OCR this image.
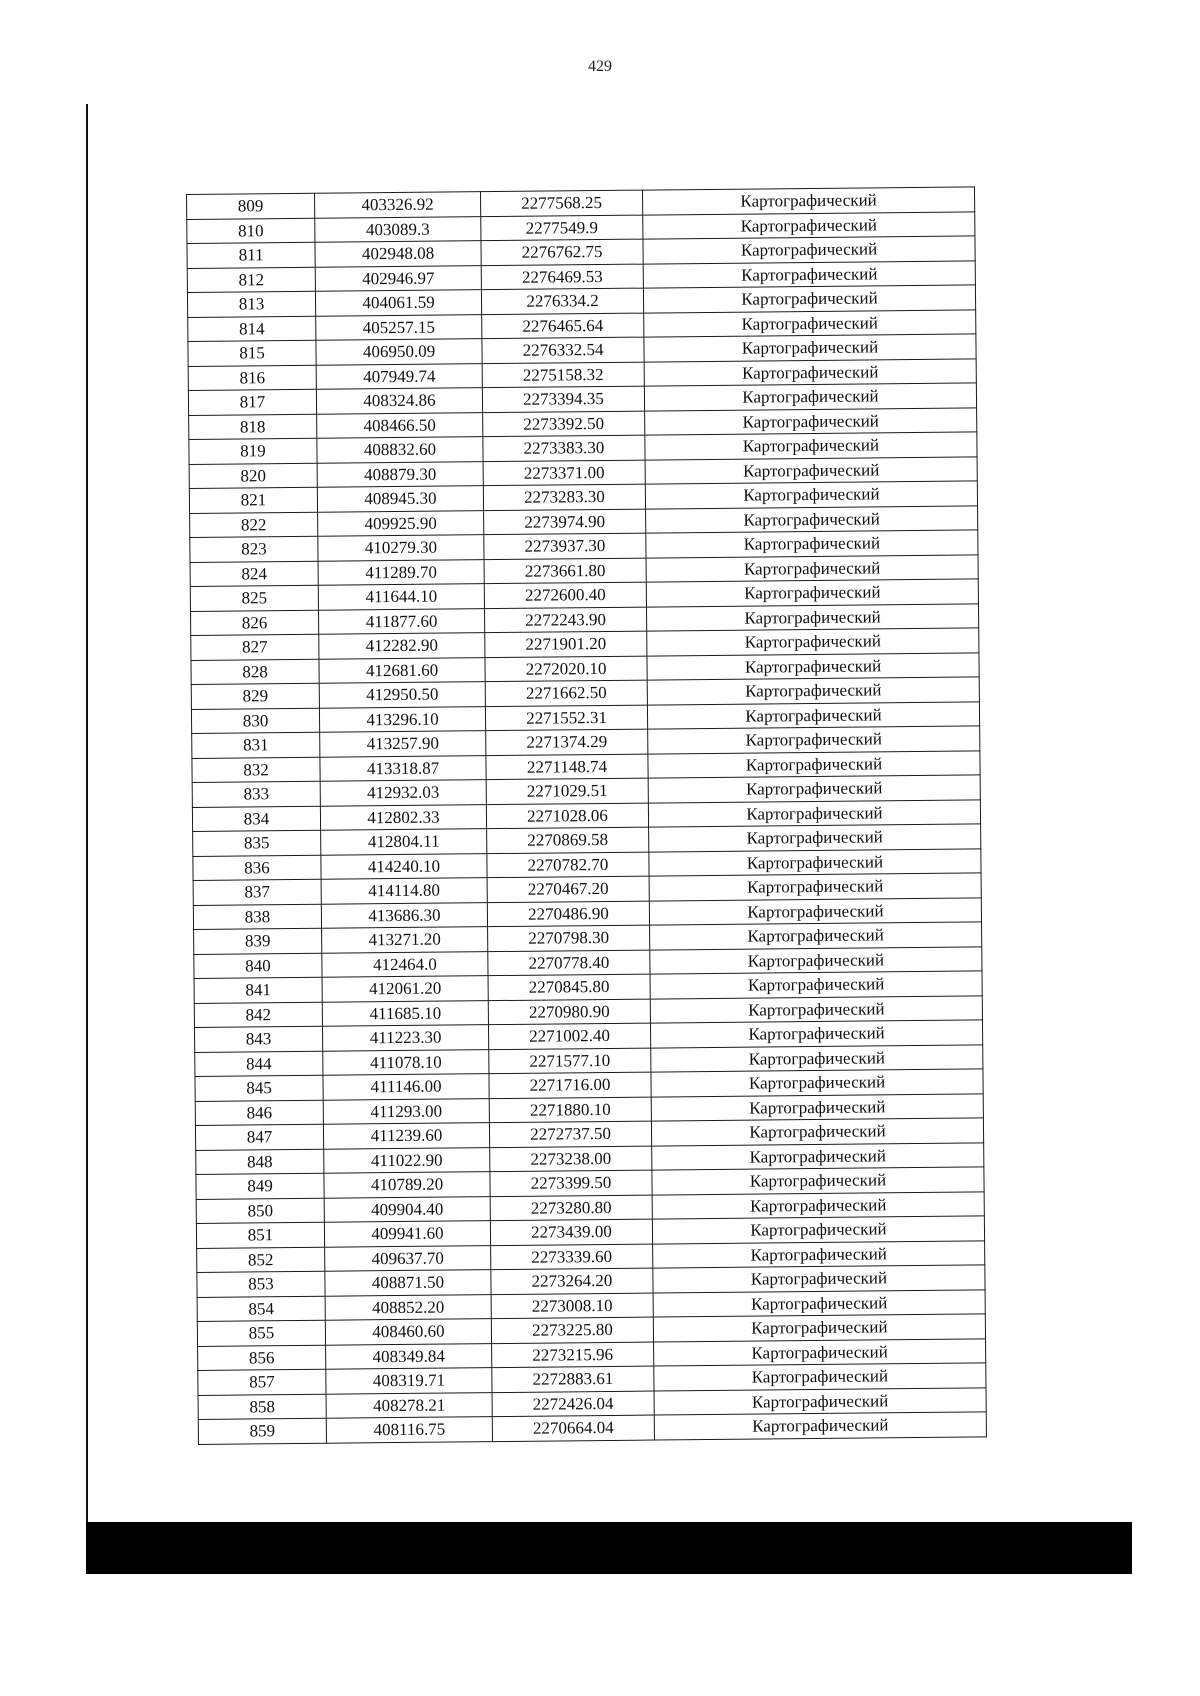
429
809	403326.92	2277568.25	Картографический
810	403089.3	2277549.9	Картографический
811	402948.08	2276762.75	Картографический
812	402946.97	2276469.53	Картографический
813	404061.59	2276334.2	Картографический
814	405257.15	2276465.64	Картографический
815	406950.09	2276332.54	Картографический
816	407949.74	2275158.32	Картографический
817	408324.86	2273394.35	Картографический
818	408466.50	2273392.50	Картографический
819	408832.60	2273383.30	Картографический
820	408879.30	2273371.00	Картографический
821	408945.30	2273283.30	Картографический
822	409925.90	2273974.90	Картографический
823	410279.30	2273937.30	Картографический
824	411289.70	2273661.80	Картографический
825	411644.10	2272600.40	Картографический
826	411877.60	2272243.90	Картографический
827	412282.90	2271901.20	Картографический
828	412681.60	2272020.10	Картографический
829	412950.50	2271662.50	Картографический
830	413296.10	2271552.31	Картографический
831	413257.90	2271374.29	Картографический
832	413318.87	2271148.74	Картографический
833	412932.03	2271029.51	Картографический
834	412802.33	2271028.06	Картографический
835	412804.11	2270869.58	Картографический
836	414240.10	2270782.70	Картографический
837	414114.80	2270467.20	Картографический
838	413686.30	2270486.90	Картографический
839	413271.20	2270798.30	Картографический
840	412464.0	2270778.40	Картографический
841	412061.20	2270845.80	Картографический
842	411685.10	2270980.90	Картографический
843	411223.30	2271002.40	Картографический
844	411078.10	2271577.10	Картографический
845	411146.00	2271716.00	Картографический
846	411293.00	2271880.10	Картографический
847	411239.60	2272737.50	Картографический
848	411022.90	2273238.00	Картографический
849	410789.20	2273399.50	Картографический
850	409904.40	2273280.80	Картографический
851	409941.60	2273439.00	Картографический
852	409637.70	2273339.60	Картографический
853	408871.50	2273264.20	Картографический
854	408852.20	2273008.10	Картографический
855	408460.60	2273225.80	Картографический
856	408349.84	2273215.96	Картографический
857	408319.71	2272883.61	Картографический
858	408278.21	2272426.04	Картографический
859	408116.75	2270664.04	Картографический
